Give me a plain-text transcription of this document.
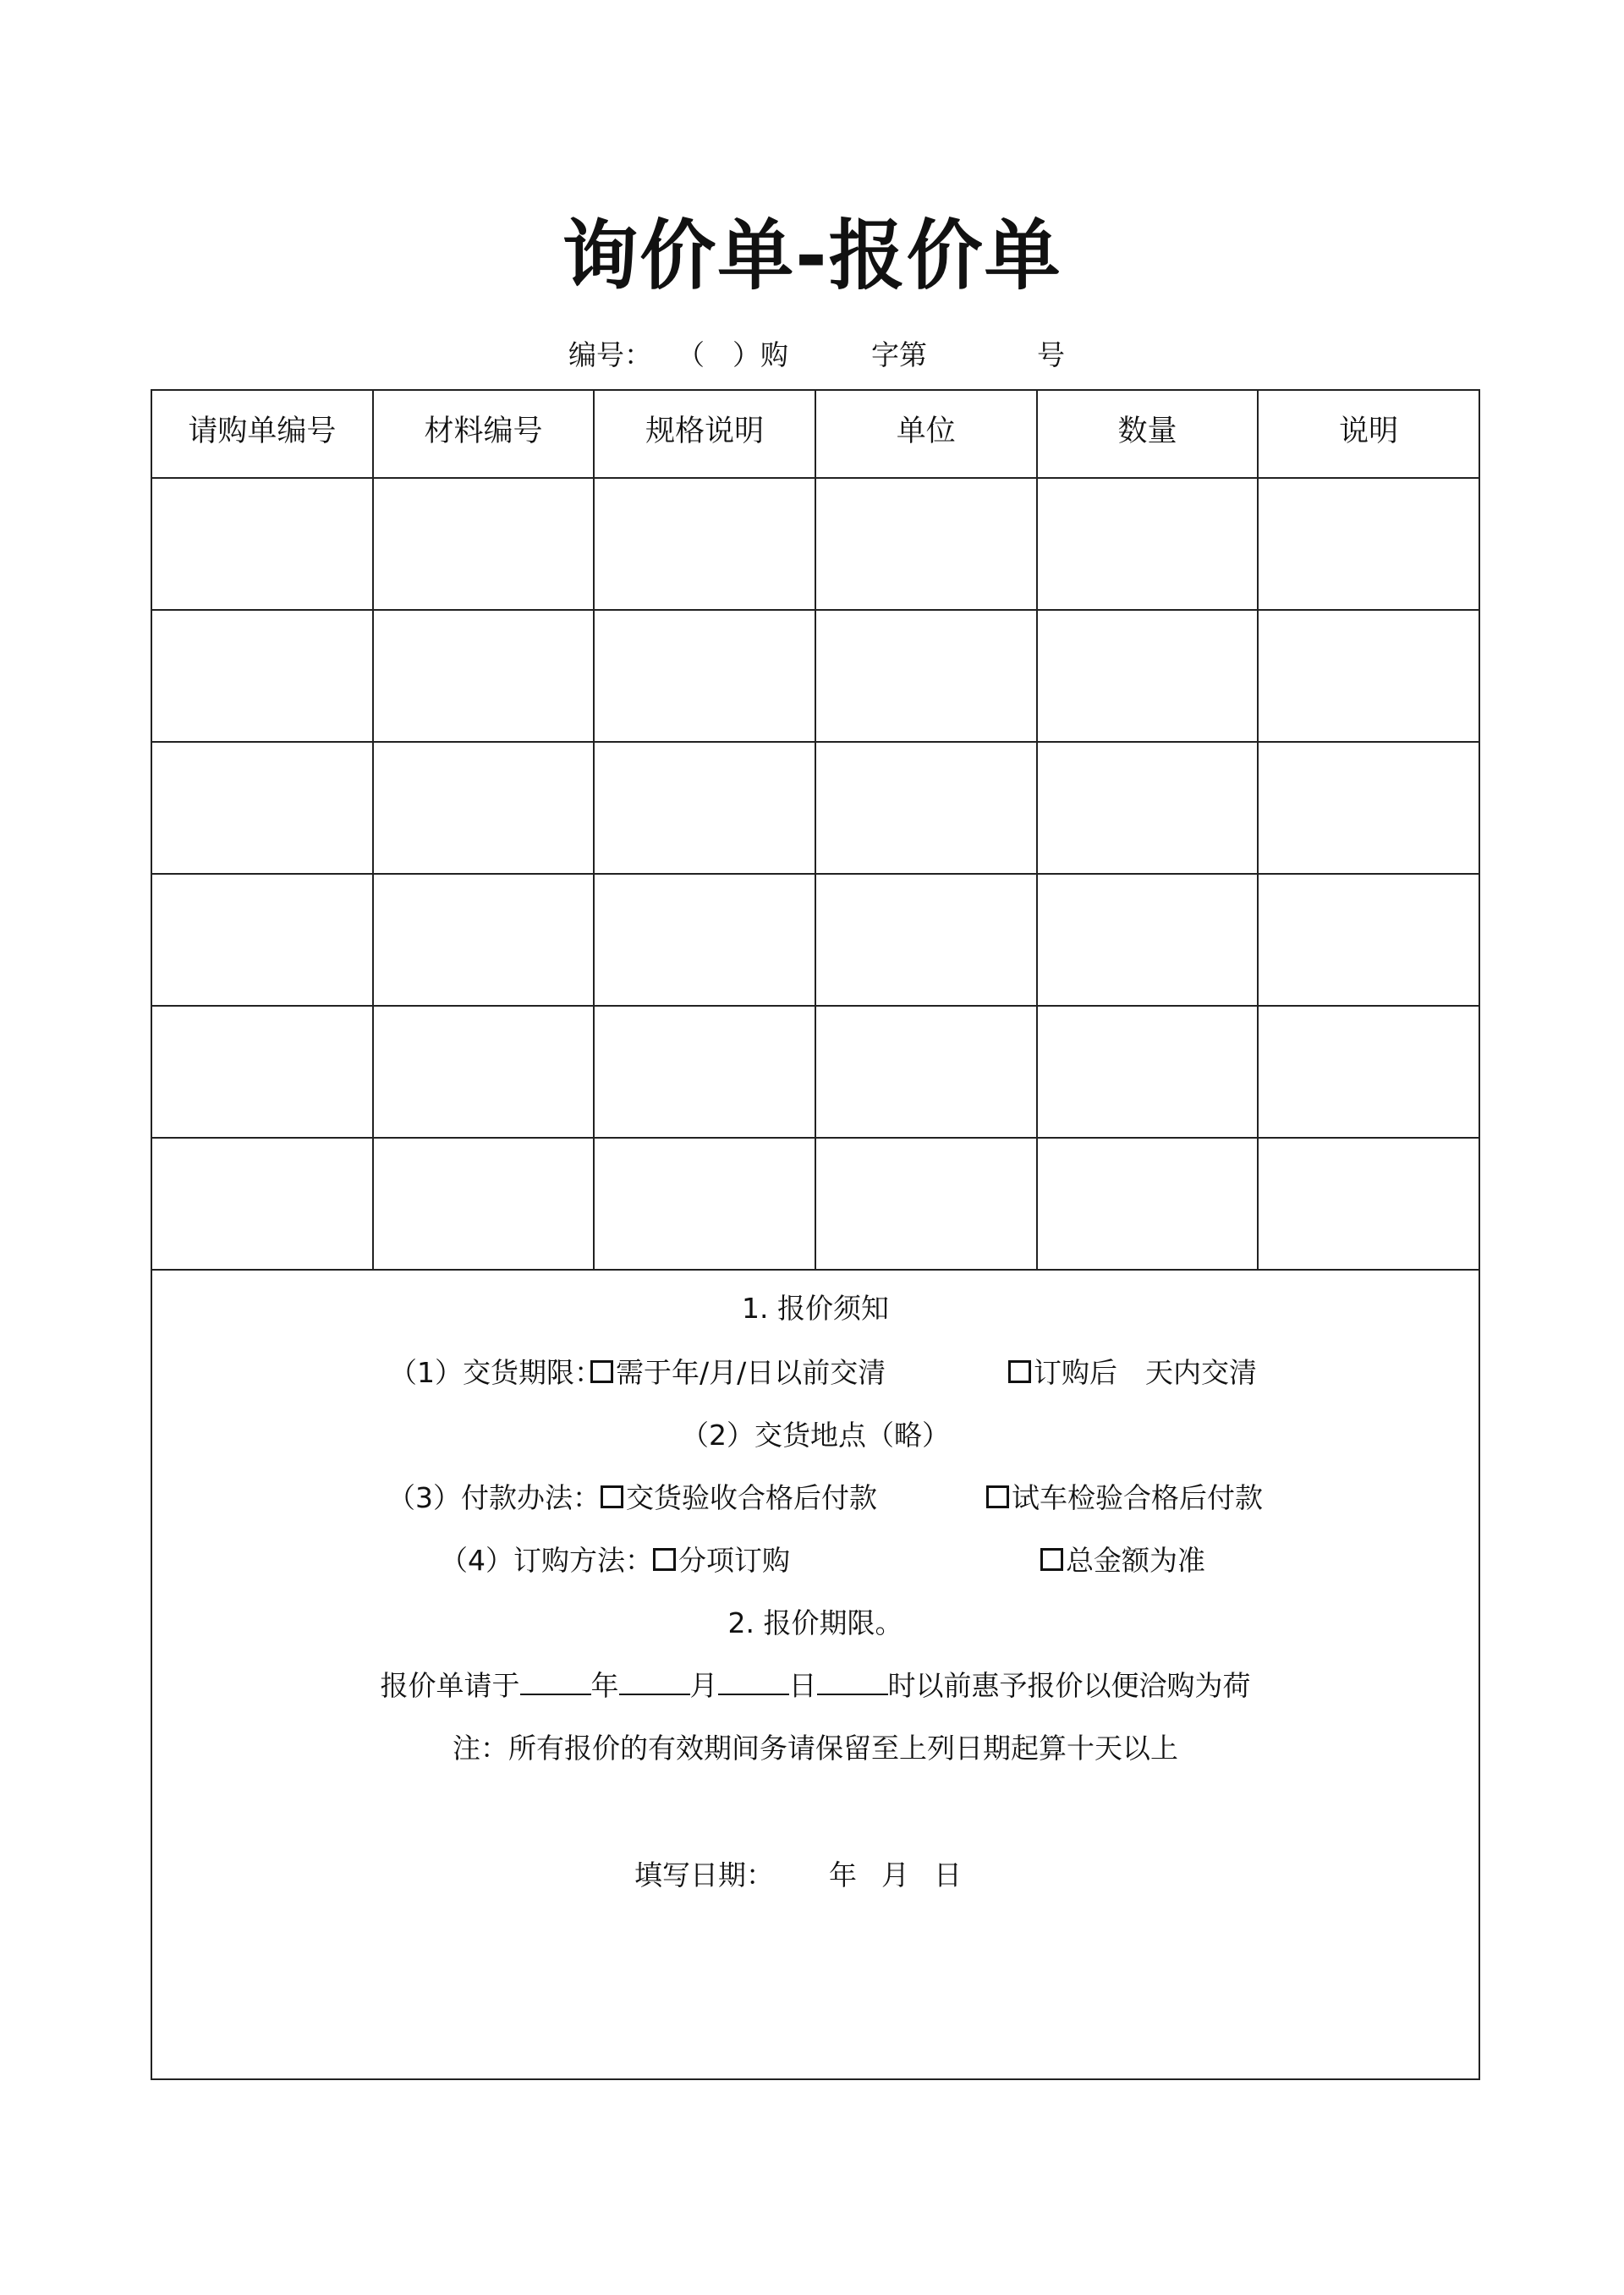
询价单-报价单
编号： （　）购	字第	号
请购单编号	材料编号	规格说明	单位	数量	说明

1. 报价须知
（1）交货期限： 需于年/月/日以前交清	订购后　天内交清
（2）交货地点（略）
（3）付款办法： 交货验收合格后付款	试车检验合格后付款
（4）订购方法： 分项订购	总金额为准
2. 报价期限。
报价单请于	年	月	日	时以前惠予报价以便洽购为荷
注：所有报价的有效期间务请保留至上列日期起算十天以上
填写日期： 年 月 日
